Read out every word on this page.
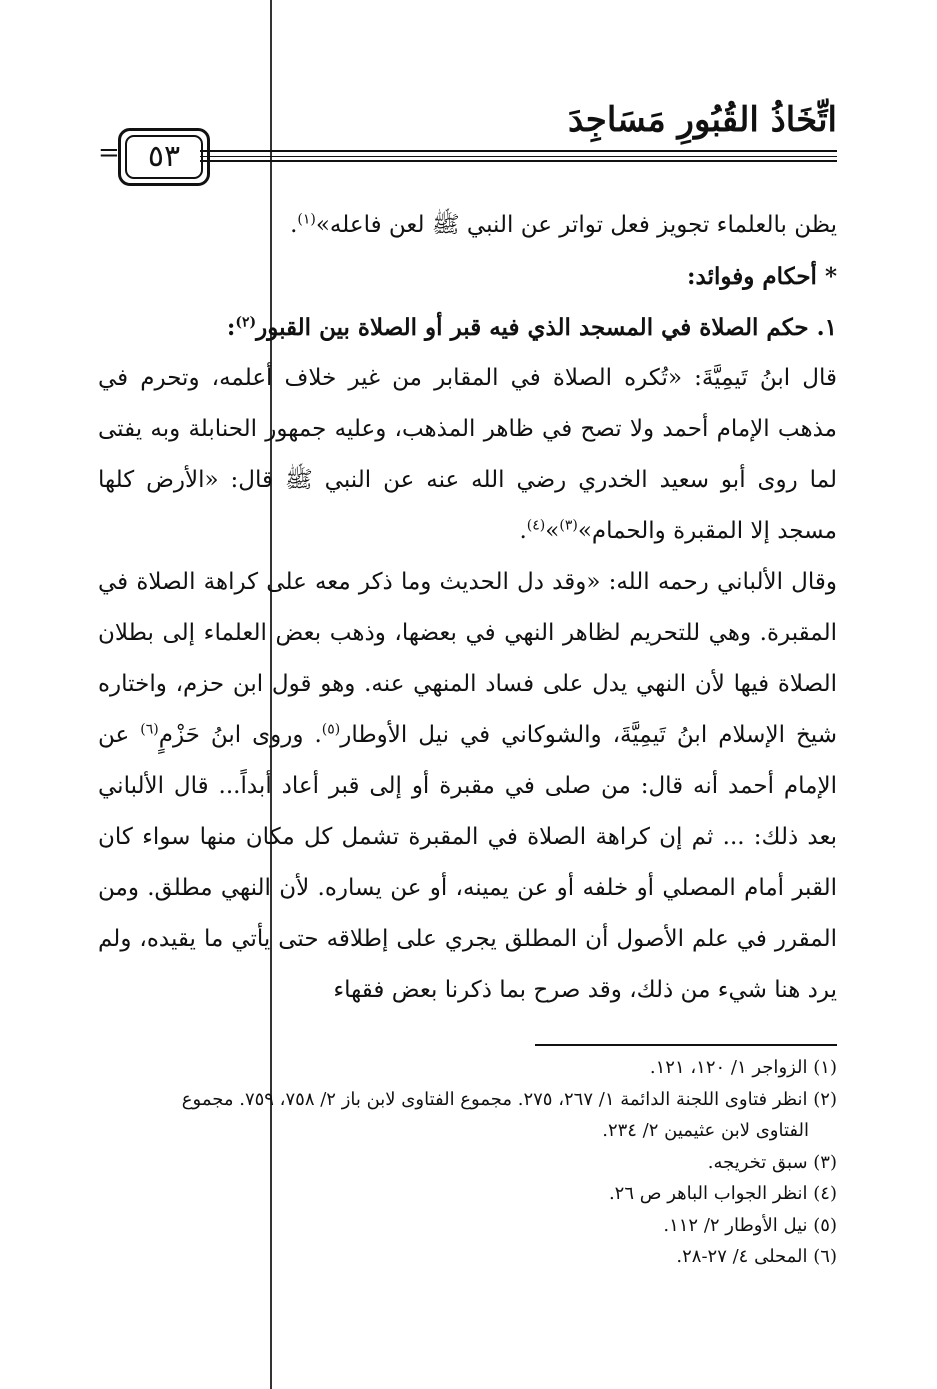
اتِّخَاذُ القُبُورِ مَسَاجِدَ
٥٣
=

يظن بالعلماء تجويز فعل تواتر عن النبي ﷺ لعن فاعله»$^{(١)}$.

* أحكام وفوائد:

١. حكم الصلاة في المسجد الذي فيه قبر أو الصلاة بين القبور$^{(٢)}$:

قال ابنُ تَيمِيَّةَ: «تُكره الصلاة في المقابر من غير خلاف أعلمه، وتحرم في مذهب الإمام أحمد ولا تصح في ظاهر المذهب، وعليه جمهور الحنابلة وبه يفتى لما روى أبو سعيد الخدري رضي الله عنه عن النبي ﷺ قال: «الأرض كلها مسجد إلا المقبرة والحمام»$^{(٣)}$»$^{(٤)}$.

وقال الألباني رحمه الله: «وقد دل الحديث وما ذكر معه على كراهة الصلاة في المقبرة. وهي للتحريم لظاهر النهي في بعضها، وذهب بعض العلماء إلى بطلان الصلاة فيها لأن النهي يدل على فساد المنهي عنه. وهو قول ابن حزم، واختاره شيخ الإسلام ابنُ تَيمِيَّةَ، والشوكاني في نيل الأوطار$^{(٥)}$. وروى ابنُ حَزْمٍ$^{(٦)}$ عن الإمام أحمد أنه قال: من صلى في مقبرة أو إلى قبر أعاد أبداً... قال الألباني بعد ذلك: ... ثم إن كراهة الصلاة في المقبرة تشمل كل مكان منها سواء كان القبر أمام المصلي أو خلفه أو عن يمينه، أو عن يساره. لأن النهي مطلق. ومن المقرر في علم الأصول أن المطلق يجري على إطلاقه حتى يأتي ما يقيده، ولم يرد هنا شيء من ذلك، وقد صرح بما ذكرنا بعض فقهاء

(١) الزواجر ١/ ١٢٠، ١٢١.

(٢) انظر فتاوى اللجنة الدائمة ١/ ٢٦٧، ٢٧٥. مجموع الفتاوى لابن باز ٢/ ٧٥٨، ٧٥٩. مجموع

الفتاوى لابن عثيمين ٢/ ٢٣٤.

(٣) سبق تخريجه.

(٤) انظر الجواب الباهر ص ٢٦.

(٥) نيل الأوطار ٢/ ١١٢.

(٦) المحلى ٤/ ٢٧-٢٨.
